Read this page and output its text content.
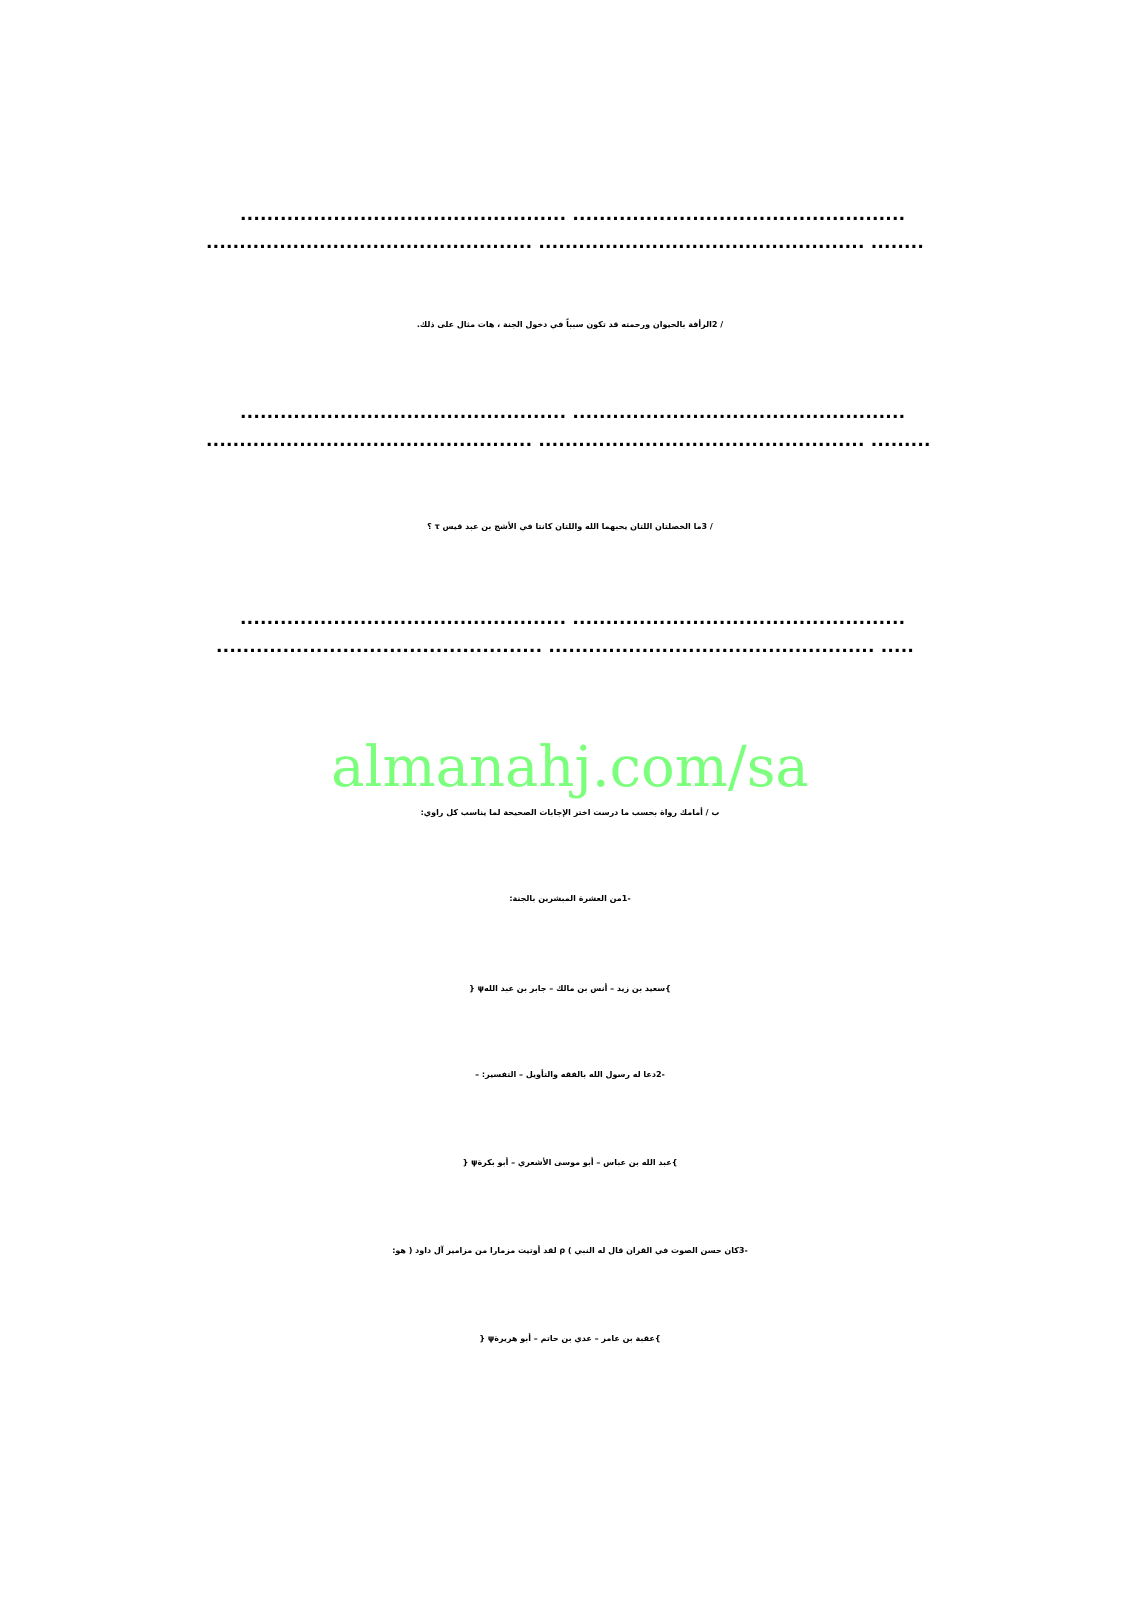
................................................. ..................................................
................................................. ................................................. ........
/ 2الرأفة بالحيوان ورحمته قد تكون سبباً في دخول الجنة ، هات مثال على ذلك.
................................................. ..................................................
................................................. ................................................. .........
/ 3ما الخصلتان اللتان يحبهما الله واللتان كانتا في الأشج بن عبد قيس τ ؟
................................................. ..................................................
................................................. ................................................. .....
almanahj.com/sa
ب / أمامك رواة بحسب ما درست اختر الإجابات الصحيحة لما يناسب كل راوي:
-1من العشرة المبشرين بالجنة:
}سعيد بن زيد – أنس بن مالك – جابر بن عبد اللهψ {
-2دعا له رسول الله بالفقه والتأويل – التفسير: –
}عبد الله بن عباس – أبو موسى الأشعري – أبو بكرةψ {
-3كان حسن الصوت في القران قال له النبي ) ρ لقد أوتيت مزمارا من مزامير آل داود ( هو:
}عقبة بن عامر – عدي بن حاتم – أبو هريرةψ {
